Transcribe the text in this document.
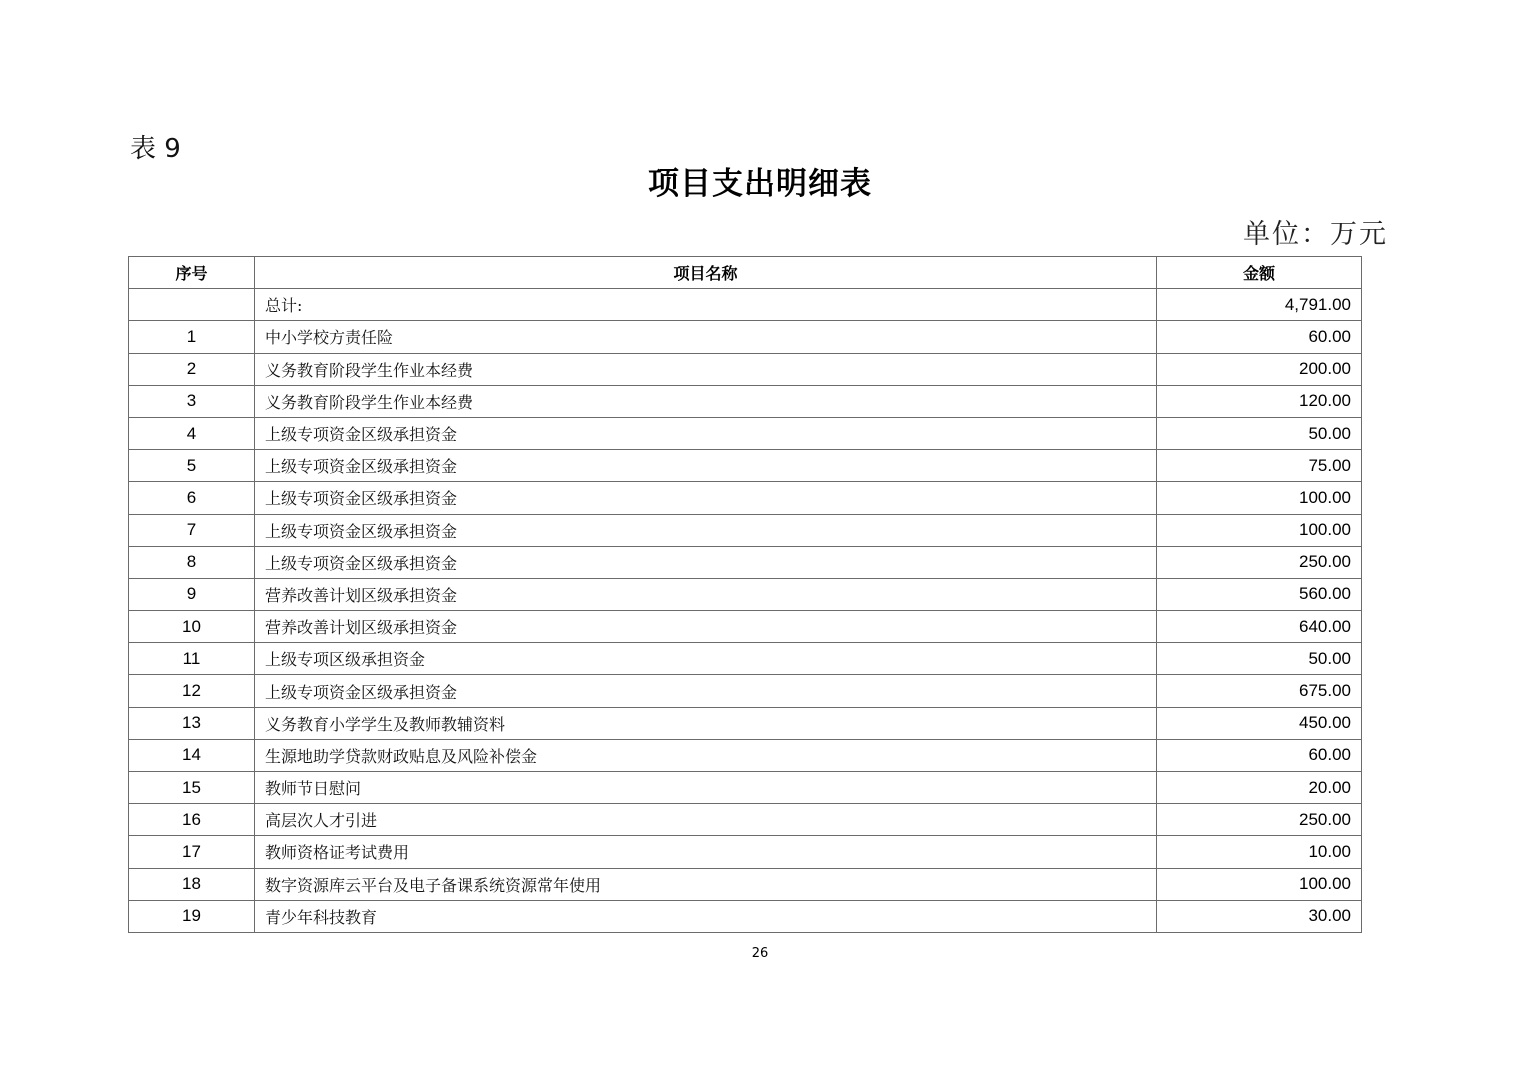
表 9
项目支出明细表
单位：万元
序号	项目名称	金额
	总计:	4,791.00
1	中小学校方责任险	60.00
2	义务教育阶段学生作业本经费	200.00
3	义务教育阶段学生作业本经费	120.00
4	上级专项资金区级承担资金	50.00
5	上级专项资金区级承担资金	75.00
6	上级专项资金区级承担资金	100.00
7	上级专项资金区级承担资金	100.00
8	上级专项资金区级承担资金	250.00
9	营养改善计划区级承担资金	560.00
10	营养改善计划区级承担资金	640.00
11	上级专项区级承担资金	50.00
12	上级专项资金区级承担资金	675.00
13	义务教育小学学生及教师教辅资料	450.00
14	生源地助学贷款财政贴息及风险补偿金	60.00
15	教师节日慰问	20.00
16	高层次人才引进	250.00
17	教师资格证考试费用	10.00
18	数字资源库云平台及电子备课系统资源常年使用	100.00
19	青少年科技教育	30.00
26
